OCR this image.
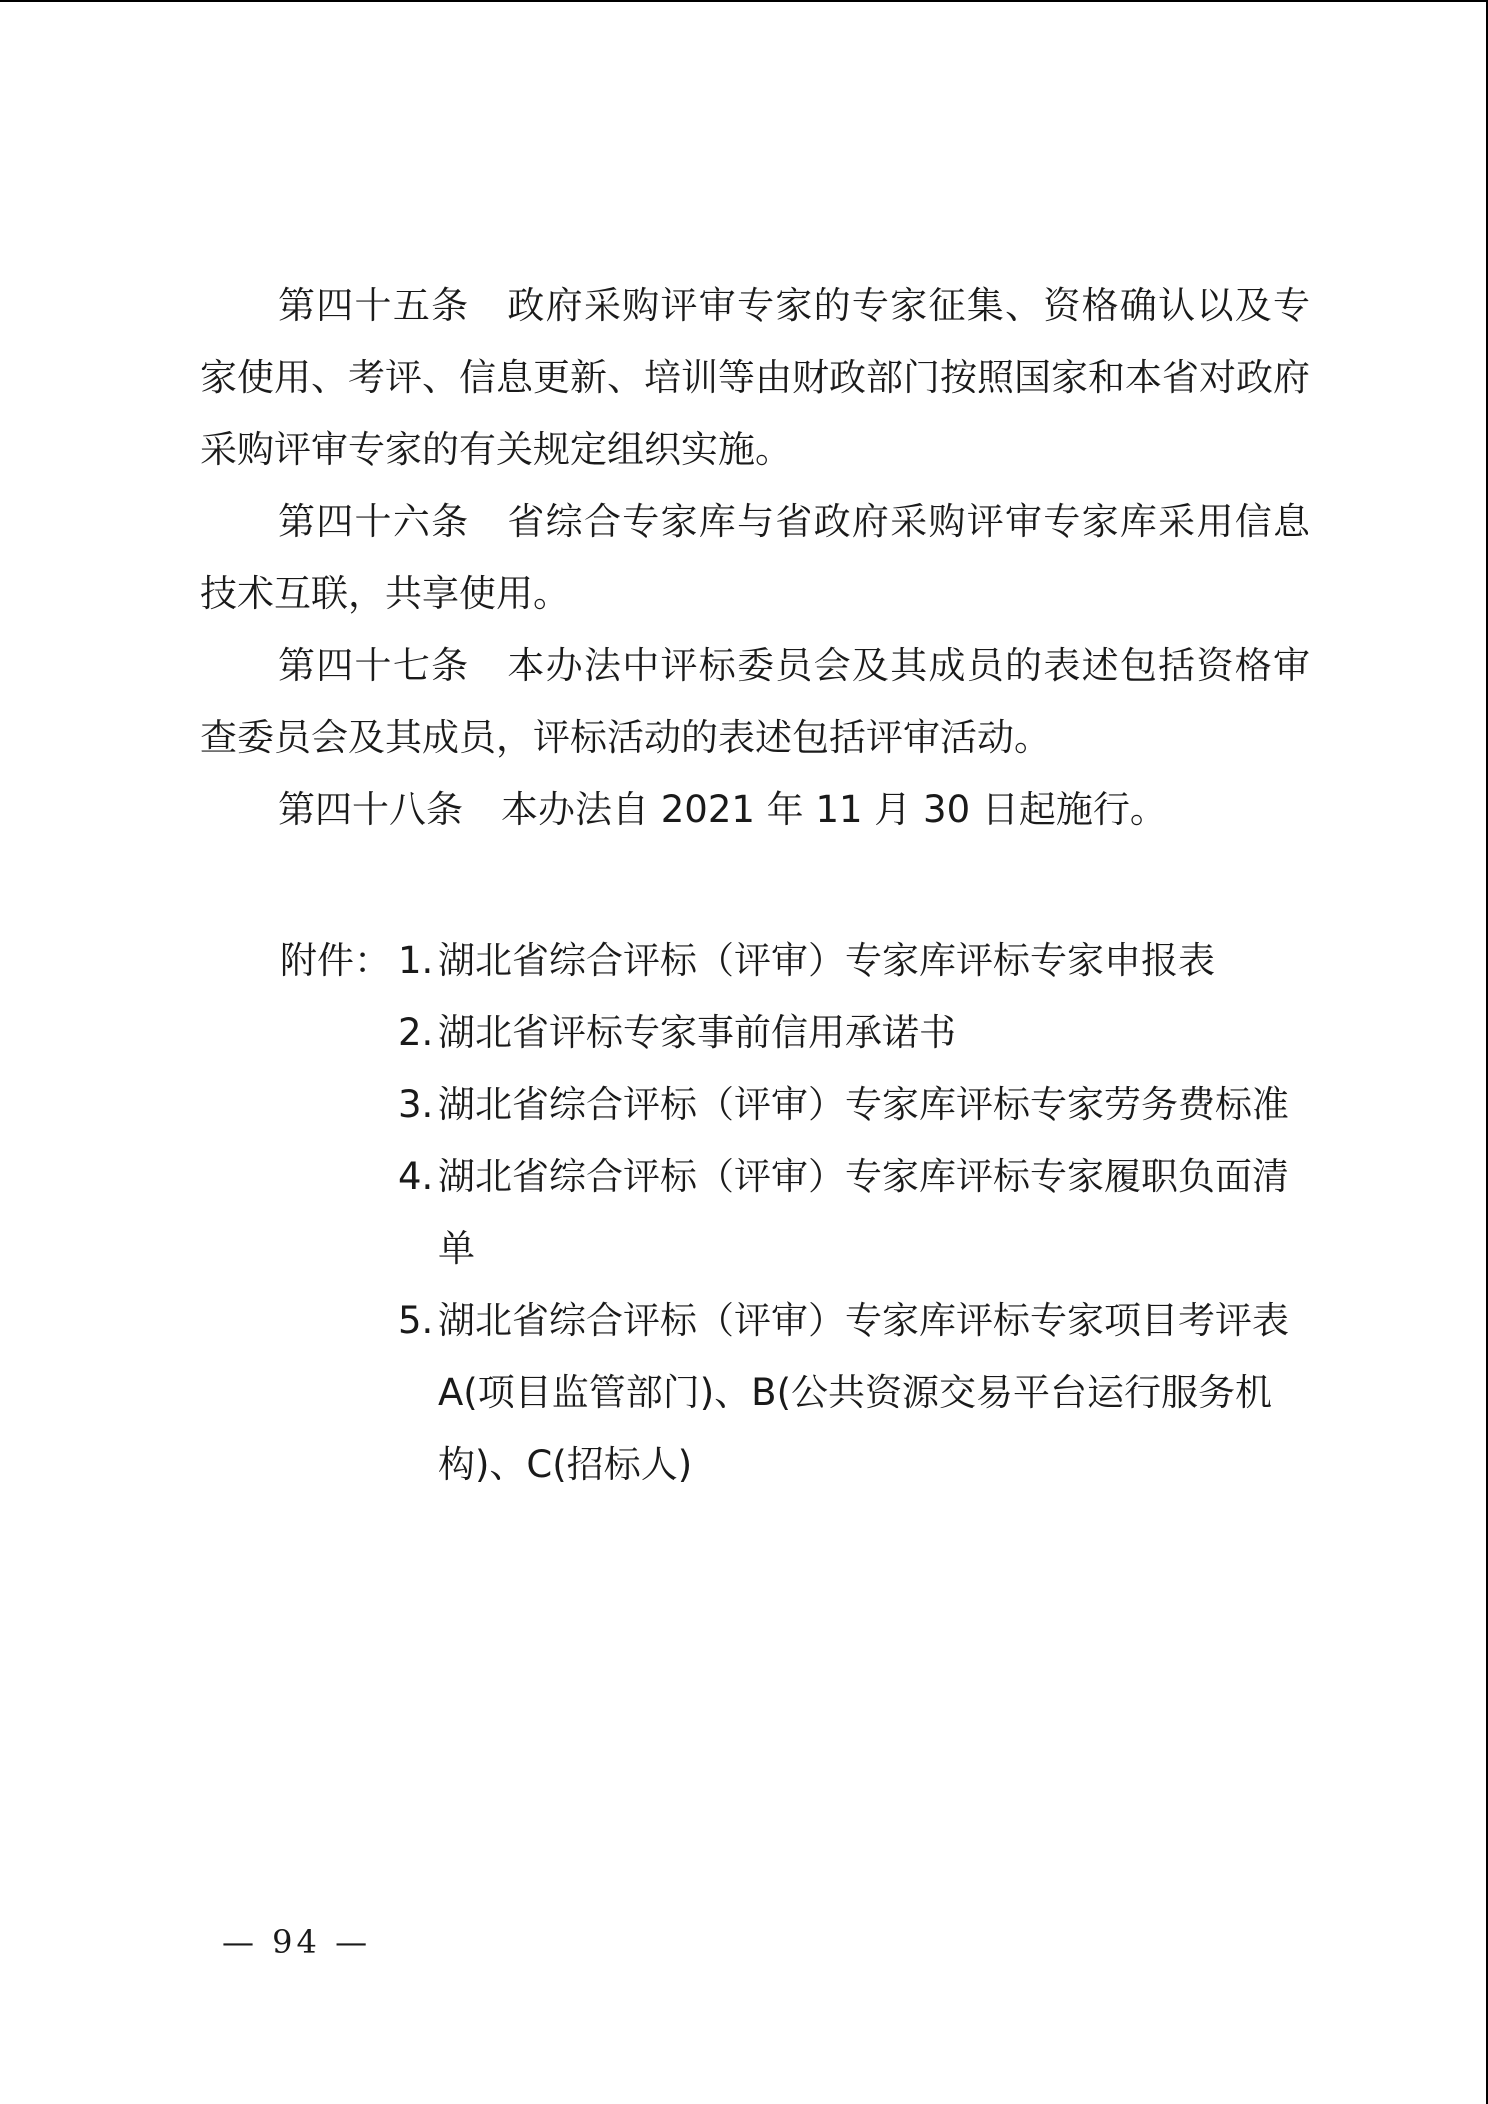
第四十五条 政府采购评审专家的专家征集、资格确认以及专家使用、考评、信息更新、培训等由财政部门按照国家和本省对政府采购评审专家的有关规定组织实施。

第四十六条 省综合专家库与省政府采购评审专家库采用信息技术互联，共享使用。

第四十七条 本办法中评标委员会及其成员的表述包括资格审查委员会及其成员，评标活动的表述包括评审活动。

第四十八条 本办法自 2021 年 11 月 30 日起施行。

附件： 1. 湖北省综合评标（评审）专家库评标专家申报表
2. 湖北省评标专家事前信用承诺书
3. 湖北省综合评标（评审）专家库评标专家劳务费标准
4. 湖北省综合评标（评审）专家库评标专家履职负面清单
5. 湖北省综合评标（评审）专家库评标专家项目考评表 A(项目监管部门)、B(公共资源交易平台运行服务机构)、C(招标人)
— 94 —
